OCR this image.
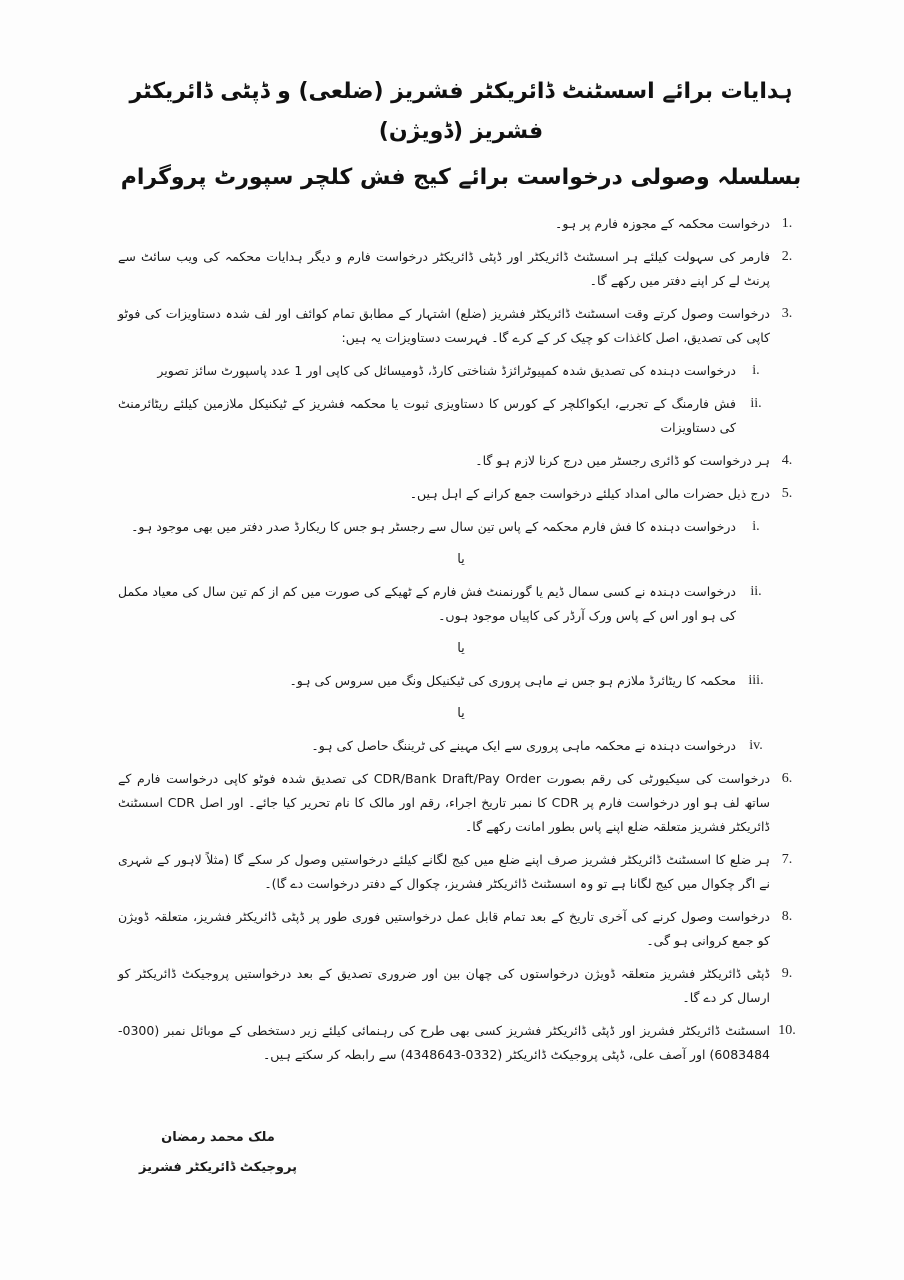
ہدایات برائے اسسٹنٹ ڈائریکٹر فشریز (ضلعی) و ڈپٹی ڈائریکٹر فشریز (ڈویژن)
بسلسلہ وصولی درخواست برائے کیج فش کلچر سپورٹ پروگرام
1.
درخواست محکمہ کے مجوزہ فارم پر ہو۔
2.
فارمر کی سہولت کیلئے ہر اسسٹنٹ ڈائریکٹر اور ڈپٹی ڈائریکٹر درخواست فارم و دیگر ہدایات محکمہ کی ویب سائٹ سے پرنٹ لے کر اپنے دفتر میں رکھے گا۔
3.
درخواست وصول کرتے وقت اسسٹنٹ ڈائریکٹر فشریز (ضلع) اشتہار کے مطابق تمام کوائف اور لف شدہ دستاویزات کی فوٹو کاپی کی تصدیق، اصل کاغذات کو چیک کر کے کرے گا۔ فہرست دستاویزات یہ ہیں:
i.
درخواست دہندہ کی تصدیق شدہ کمپیوٹرائزڈ شناختی کارڈ، ڈومیسائل کی کاپی اور 1 عدد پاسپورٹ سائز تصویر
ii.
فش فارمنگ کے تجربے، ایکواکلچر کے کورس کا دستاویزی ثبوت یا محکمہ فشریز کے ٹیکنیکل ملازمین کیلئے ریٹائرمنٹ کی دستاویزات
4.
ہر درخواست کو ڈائری رجسٹر میں درج کرنا لازم ہو گا۔
5.
درج ذیل حضرات مالی امداد کیلئے درخواست جمع کرانے کے اہل ہیں۔
i.
درخواست دہندہ کا فش فارم محکمہ کے پاس تین سال سے رجسٹر ہو جس کا ریکارڈ صدر دفتر میں بھی موجود ہو۔
یا
ii.
درخواست دہندہ نے کسی سمال ڈیم یا گورنمنٹ فش فارم کے ٹھیکے کی صورت میں کم از کم تین سال کی معیاد مکمل کی ہو اور اس کے پاس ورک آرڈر کی کاپیاں موجود ہوں۔
یا
iii.
محکمہ کا ریٹائرڈ ملازم ہو جس نے ماہی پروری کی ٹیکنیکل ونگ میں سروس کی ہو۔
یا
iv.
درخواست دہندہ نے محکمہ ماہی پروری سے ایک مہینے کی ٹریننگ حاصل کی ہو۔
6.
درخواست کی سیکیورٹی کی رقم بصورت CDR/Bank Draft/Pay Order کی تصدیق شدہ فوٹو کاپی درخواست فارم کے ساتھ لف ہو اور درخواست فارم پر CDR کا نمبر تاریخ اجراء، رقم اور مالک کا نام تحریر کیا جائے۔ اور اصل CDR اسسٹنٹ ڈائریکٹر فشریز متعلقہ ضلع اپنے پاس بطور امانت رکھے گا۔
7.
ہر ضلع کا اسسٹنٹ ڈائریکٹر فشریز صرف اپنے ضلع میں کیج لگانے کیلئے درخواستیں وصول کر سکے گا (مثلاً لاہور کے شہری نے اگر چکوال میں کیج لگانا ہے تو وہ اسسٹنٹ ڈائریکٹر فشریز، چکوال کے دفتر درخواست دے گا)۔
8.
درخواست وصول کرنے کی آخری تاریخ کے بعد تمام قابل عمل درخواستیں فوری طور پر ڈپٹی ڈائریکٹر فشریز، متعلقہ ڈویژن کو جمع کروانی ہو گی۔
9.
ڈپٹی ڈائریکٹر فشریز متعلقہ ڈویژن درخواستوں کی چھان بین اور ضروری تصدیق کے بعد درخواستیں پروجیکٹ ڈائریکٹر کو ارسال کر دے گا۔
10.
اسسٹنٹ ڈائریکٹر فشریز اور ڈپٹی ڈائریکٹر فشریز کسی بھی طرح کی رہنمائی کیلئے زیر دستخطی کے موبائل نمبر (0300-6083484) اور آصف علی، ڈپٹی پروجیکٹ ڈائریکٹر (0332-4348643) سے رابطہ کر سکتے ہیں۔
ملک محمد رمضان
پروجیکٹ ڈائریکٹر فشریز
